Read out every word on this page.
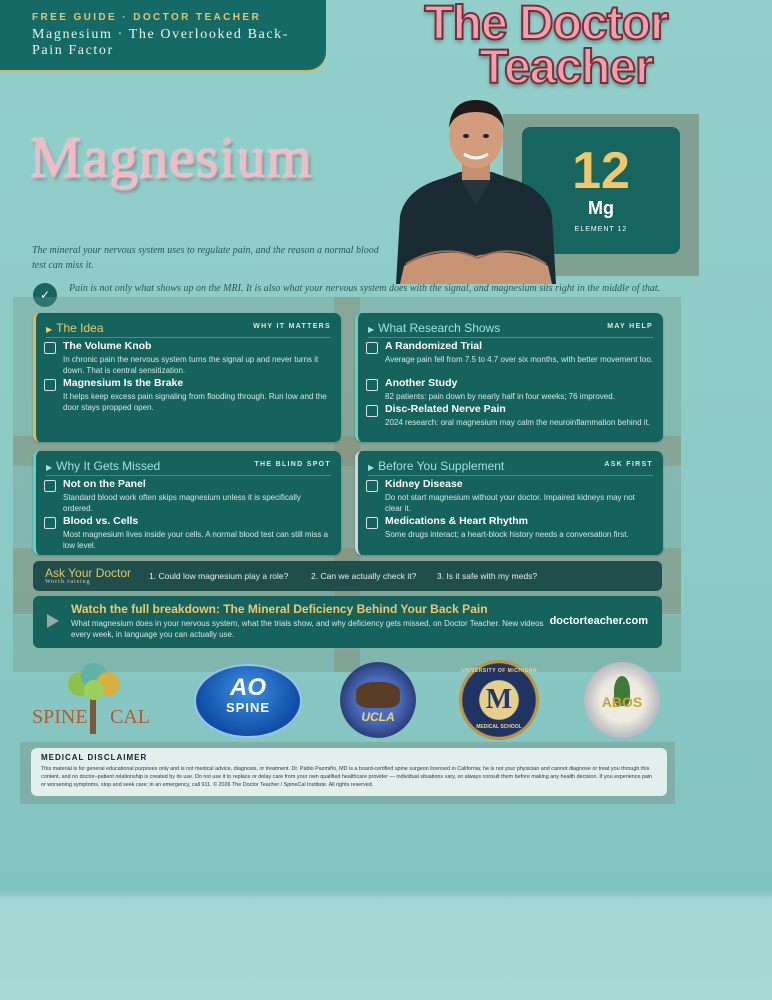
FREE GUIDE · DOCTOR TEACHER
Magnesium · The Overlooked Back-Pain Factor
The Doctor
Teacher
Magnesium
The mineral your nervous system uses to regulate pain, and the reason a normal blood test can miss it.
12
Mg
ELEMENT 12
✓	Pain is not only what shows up on the MRI. It is also what your nervous system does with the signal, and magnesium sits right in the middle of that.
▶ The Idea	WHY IT MATTERS
The Volume Knob
In chronic pain the nervous system turns the signal up and never turns it down. That is central sensitization.
Magnesium Is the Brake
It helps keep excess pain signaling from flooding through. Run low and the door stays propped open.
▶ What Research Shows	MAY HELP
A Randomized Trial
Average pain fell from 7.5 to 4.7 over six months, with better movement too.
Another Study
82 patients: pain down by nearly half in four weeks; 76 improved.
Disc-Related Nerve Pain
2024 research: oral magnesium may calm the neuroinflammation behind it.
▶ Why It Gets Missed	THE BLIND SPOT
Not on the Panel
Standard blood work often skips magnesium unless it is specifically ordered.
Blood vs. Cells
Most magnesium lives inside your cells. A normal blood test can still miss a low level.
▶ Before You Supplement	ASK FIRST
Kidney Disease
Do not start magnesium without your doctor. Impaired kidneys may not clear it.
Medications & Heart Rhythm
Some drugs interact; a heart-block history needs a conversation first.
Ask Your Doctor
Worth raising
1. Could low magnesium play a role?	2. Can we actually check it? 3. Is it safe with my meds?
Watch the full breakdown: The Mineral Deficiency Behind Your Back Pain
What magnesium does in your nervous system, what the trials show, and why deficiency gets missed, on Doctor Teacher. New videos every week, in language you can actually use.
doctorteacher.com
SPINE CAL
AO
SPINE
UCLA
UNIVERSITY OF MICHIGAN
M
MEDICAL SCHOOL
ABOS
MEDICAL DISCLAIMER
This material is for general educational purposes only and is not medical advice, diagnosis, or treatment. Dr. Pablo Pazmiño, MD is a board-certified spine surgeon licensed in California; he is not your physician and cannot diagnose or treat you through this content, and no doctor–patient relationship is created by its use. Do not use it to replace or delay care from your own qualified healthcare provider — individual situations vary, so always consult them before making any health decision. If you experience pain or worsening symptoms, stop and seek care; in an emergency, call 911. © 2026 The Doctor Teacher / SpineCal Institute. All rights reserved.
